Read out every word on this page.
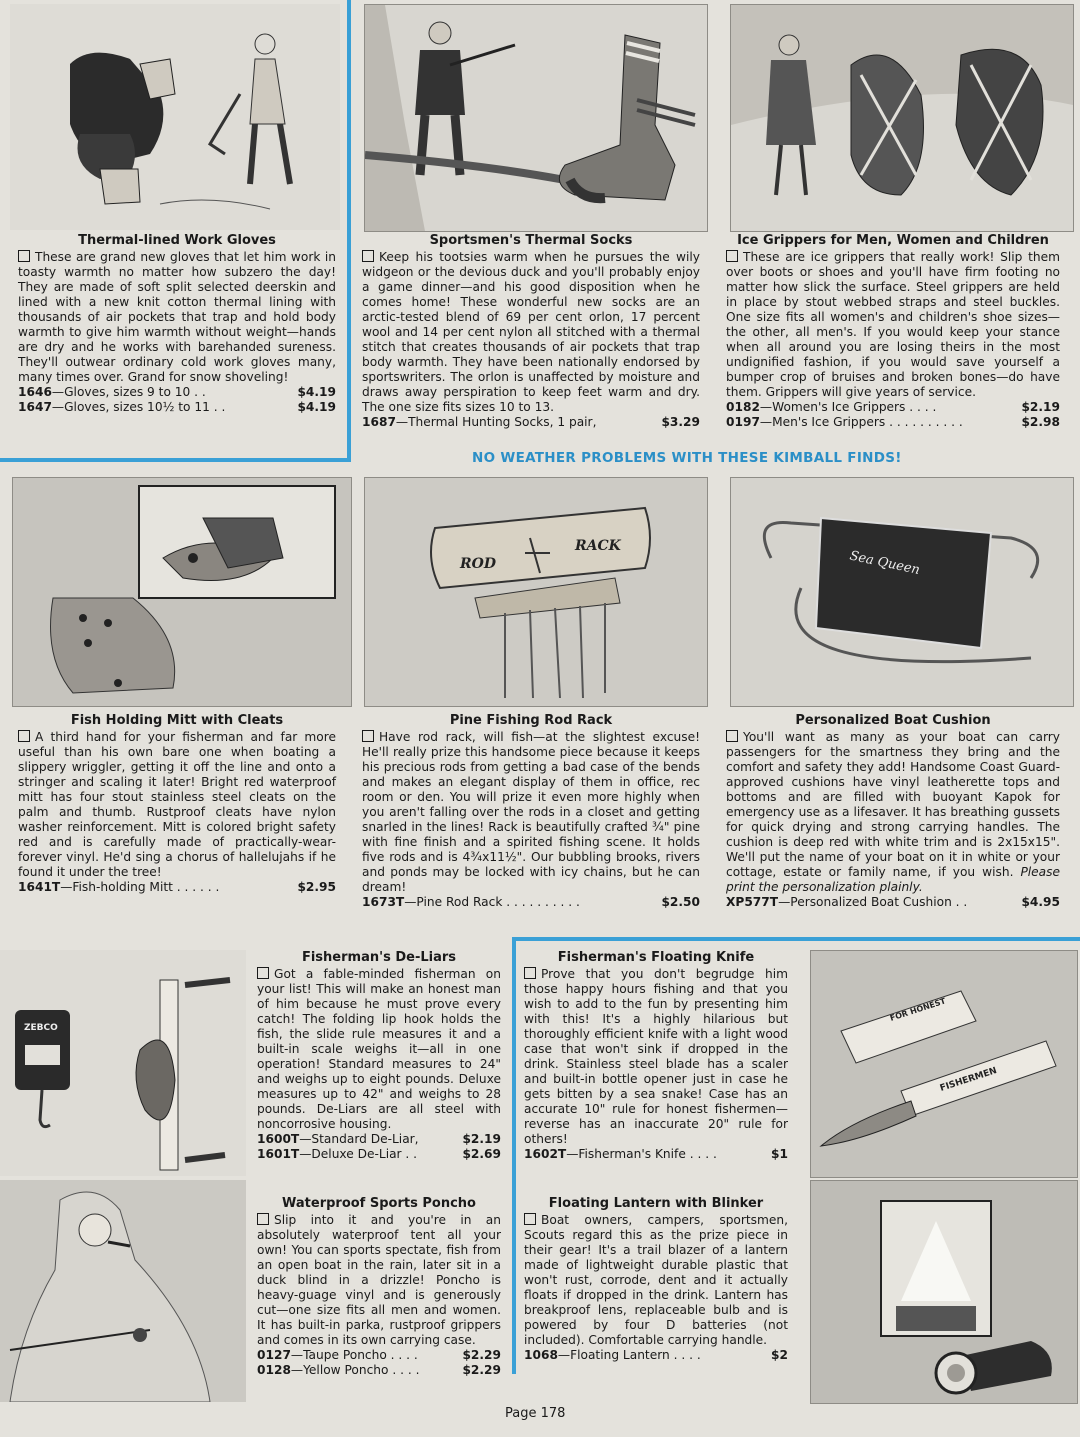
NO WEATHER PROBLEMS WITH THESE KIMBALL FINDS!
Thermal-lined Work Gloves
These are grand new gloves that let him work in toasty warmth no matter how subzero the day! They are made of soft split selected deerskin and lined with a new knit cotton thermal lining with thousands of air pockets that trap and hold body warmth to give him warmth without weight—hands are dry and he works with barehanded sureness. They'll outwear ordinary cold work gloves many, many times over. Grand for snow shoveling!
1646—Gloves, sizes 9 to 10 . .	$4.19
1647—Gloves, sizes 10½ to 11 . .	$4.19
Sportsmen's Thermal Socks
Keep his tootsies warm when he pursues the wily widgeon or the devious duck and you'll probably enjoy a game dinner—and his good disposition when he comes home! These wonderful new socks are an arctic-tested blend of 69 per cent orlon, 17 percent wool and 14 per cent nylon all stitched with a thermal stitch that creates thousands of air pockets that trap body warmth. They have been nationally endorsed by sportswriters. The orlon is unaffected by moisture and draws away perspiration to keep feet warm and dry. The one size fits sizes 10 to 13.
1687—Thermal Hunting Socks, 1 pair,	$3.29
Ice Grippers for Men, Women and Children
These are ice grippers that really work! Slip them over boots or shoes and you'll have firm footing no matter how slick the surface. Steel grippers are held in place by stout webbed straps and steel buckles. One size fits all women's and children's shoe sizes—the other, all men's. If you would keep your stance when all around you are losing theirs in the most undignified fashion, if you would save yourself a bumper crop of bruises and broken bones—do have them. Grippers will give years of service.
0182—Women's Ice Grippers . . . .	$2.19
0197—Men's Ice Grippers . . . . . . . . . .	$2.98
ROD
RACK
Sea Queen
Fish Holding Mitt with Cleats
A third hand for your fisherman and far more useful than his own bare one when boating a slippery wriggler, getting it off the line and onto a stringer and scaling it later! Bright red waterproof mitt has four stout stainless steel cleats on the palm and thumb. Rustproof cleats have nylon washer reinforcement. Mitt is colored bright safety red and is carefully made of practically-wear-forever vinyl. He'd sing a chorus of hallelujahs if he found it under the tree!
1641T—Fish-holding Mitt . . . . . .	$2.95
Pine Fishing Rod Rack
Have rod rack, will fish—at the slightest excuse! He'll really prize this handsome piece because it keeps his precious rods from getting a bad case of the bends and makes an elegant display of them in office, rec room or den. You will prize it even more highly when you aren't falling over the rods in a closet and getting snarled in the lines! Rack is beautifully crafted ¾" pine with fine finish and a spirited fishing scene. It holds five rods and is 4¾x11½". Our bubbling brooks, rivers and ponds may be locked with icy chains, but he can dream!
1673T—Pine Rod Rack . . . . . . . . . .	$2.50
Personalized Boat Cushion
You'll want as many as your boat can carry passengers for the smartness they bring and the comfort and safety they add! Handsome Coast Guard-approved cushions have vinyl leatherette tops and bottoms and are filled with buoyant Kapok for emergency use as a lifesaver. It has breathing gussets for quick drying and strong carrying handles. The cushion is deep red with white trim and is 2x15x15". We'll put the name of your boat on it in white or your cottage, estate or family name, if you wish. Please print the personalization plainly.
XP577T—Personalized Boat Cushion . .	$4.95
ZEBCO
Fisherman's De-Liars
Got a fable-minded fisherman on your list! This will make an honest man of him because he must prove every catch! The folding lip hook holds the fish, the slide rule measures it and a built-in scale weighs it—all in one operation! Standard measures to 24" and weighs up to eight pounds. Deluxe measures up to 42" and weighs to 28 pounds. De-Liars are all steel with noncorrosive housing.
1600T—Standard De-Liar,	$2.19
1601T—Deluxe De-Liar . .	$2.69
Fisherman's Floating Knife
Prove that you don't begrudge him those happy hours fishing and that you wish to add to the fun by presenting him with this! It's a highly hilarious but thoroughly efficient knife with a light wood case that won't sink if dropped in the drink. Stainless steel blade has a scaler and built-in bottle opener just in case he gets bitten by a sea snake! Case has an accurate 10" rule for honest fishermen—reverse has an inaccurate 20" rule for others!
1602T—Fisherman's Knife . . . .	$1
FOR HONEST
FISHERMEN
Waterproof Sports Poncho
Slip into it and you're in an absolutely waterproof tent all your own! You can sports spectate, fish from an open boat in the rain, later sit in a duck blind in a drizzle! Poncho is heavy-guage vinyl and is generously cut—one size fits all men and women. It has built-in parka, rustproof grippers and comes in its own carrying case.
0127—Taupe Poncho . . . .	$2.29
0128—Yellow Poncho . . . .	$2.29
Floating Lantern with Blinker
Boat owners, campers, sportsmen, Scouts regard this as the prize piece in their gear! It's a trail blazer of a lantern made of lightweight durable plastic that won't rust, corrode, dent and it actually floats if dropped in the drink. Lantern has breakproof lens, replaceable bulb and is powered by four D batteries (not included). Comfortable carrying handle.
1068—Floating Lantern . . . .	$2
Page 178
